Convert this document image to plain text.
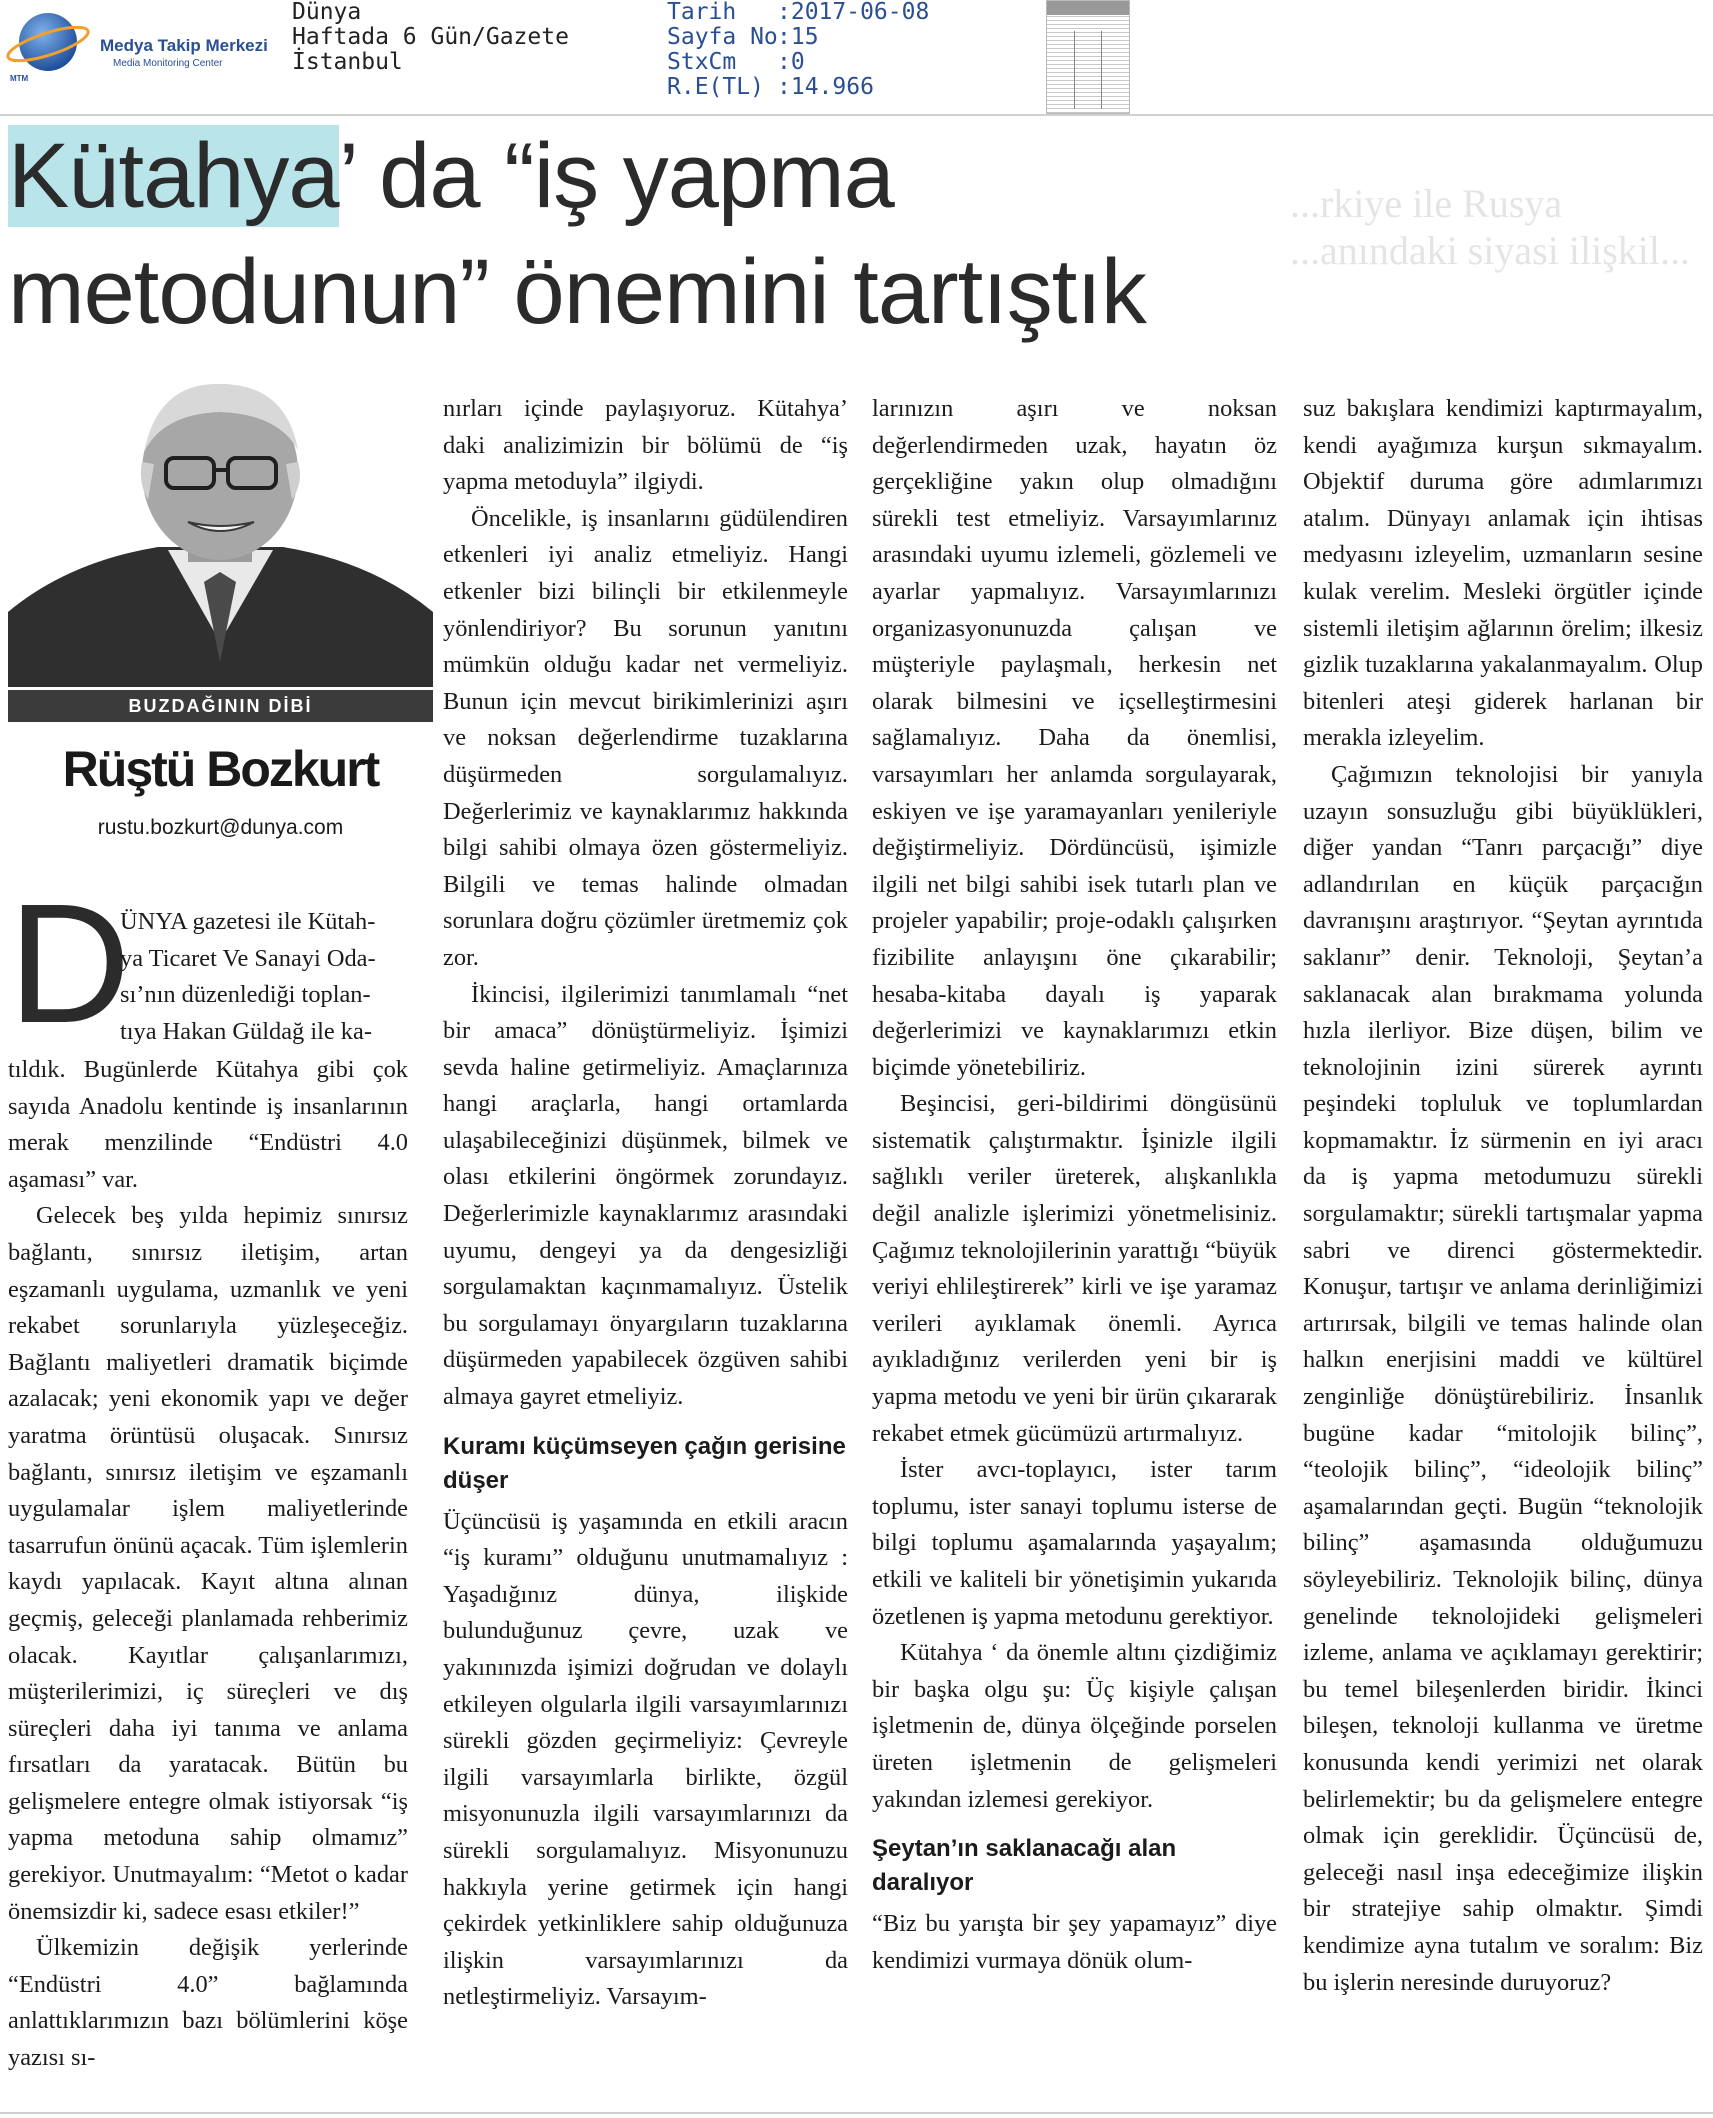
Medya Takip Merkezi
Media Monitoring Center
MTM
Dünya
Haftada 6 Gün/Gazete
İstanbul
Tarih :2017-06-08
Sayfa No:15
StxCm :0
R.E(TL) :14.966
...rkiye ile Rusya
...anındaki siyasi ilişkil...
Kütahya’ da “iş yapma
metodunun” önemini tartıştık
BUZDAĞININ DİBİ
Rüştü Bozkurt
rustu.bozkurt@dunya.com
D

ÜNYA gazetesi ile Kütah-

ya Ticaret Ve Sanayi Oda-

sı’nın düzenlediği toplan-

tıya Hakan Güldağ ile ka-

tıldık. Bugünlerde Kütahya gibi çok sayıda Anadolu kentinde iş insanlarının merak menzilinde “Endüstri 4.0 aşaması” var.

Gelecek beş yılda hepimiz sınırsız bağlantı, sınırsız iletişim, artan eşzamanlı uygulama, uzmanlık ve yeni rekabet sorunlarıyla yüzleşeceğiz. Bağlantı maliyetleri dramatik biçimde azalacak; yeni ekonomik yapı ve değer yaratma örüntüsü oluşacak. Sınırsız bağlantı, sınırsız iletişim ve eşzamanlı uygulamalar işlem maliyetlerinde tasarrufun önünü açacak. Tüm işlemlerin kaydı yapılacak. Kayıt altına alınan geçmiş, geleceği planlamada rehberimiz olacak. Kayıtlar çalışanlarımızı, müşterilerimizi, iç süreçleri ve dış süreçleri daha iyi tanıma ve anlama fırsatları da yaratacak. Bütün bu gelişmelere entegre olmak istiyorsak “iş yapma metoduna sahip olmamız” gerekiyor. Unutmayalım: “Metot o kadar önemsizdir ki, sadece esası etkiler!”

Ülkemizin değişik yerlerinde “Endüstri 4.0” bağlamında anlattıklarımızın bazı bölümlerini köşe yazısı sı-

nırları içinde paylaşıyoruz. Kütahya’ daki analizimizin bir bölümü de “iş yapma metoduyla” ilgiydi.

Öncelikle, iş insanlarını güdülendiren etkenleri iyi analiz etmeliyiz. Hangi etkenler bizi bilinçli bir etkilenmeyle yönlendiriyor? Bu sorunun yanıtını mümkün olduğu kadar net vermeliyiz. Bunun için mevcut birikimlerinizi aşırı ve noksan değerlendirme tuzaklarına düşürmeden sorgulamalıyız. Değerlerimiz ve kaynaklarımız hakkında bilgi sahibi olmaya özen göstermeliyiz. Bilgili ve temas halinde olmadan sorunlara doğru çözümler üretmemiz çok zor.

İkincisi, ilgilerimizi tanımlamalı “net bir amaca” dönüştürmeliyiz. İşimizi sevda haline getirmeliyiz. Amaçlarınıza hangi araçlarla, hangi ortamlarda ulaşabileceğinizi düşünmek, bilmek ve olası etkilerini öngörmek zorundayız. Değerlerimizle kaynaklarımız arasındaki uyumu, dengeyi ya da dengesizliği sorgulamaktan kaçınmamalıyız. Üstelik bu sorgulamayı önyargıların tuzaklarına düşürmeden yapabilecek özgüven sahibi almaya gayret etmeliyiz.

Kuramı küçümseyen çağın gerisine düşer

Üçüncüsü iş yaşamında en etkili aracın “iş kuramı” olduğunu unutmamalıyız : Yaşadığınız dünya, ilişkide bulunduğunuz çevre, uzak ve yakınınızda işimizi doğrudan ve dolaylı etkileyen olgularla ilgili varsayımlarınızı sürekli gözden geçirmeliyiz: Çevreyle ilgili varsayımlarla birlikte, özgül misyonunuzla ilgili varsayımlarınızı da sürekli sorgulamalıyız. Misyonunuzu hakkıyla yerine getirmek için hangi çekirdek yetkinliklere sahip olduğunuza ilişkin varsayımlarınızı da netleştirmeliyiz. Varsayım-

larınızın aşırı ve noksan değerlendirmeden uzak, hayatın öz gerçekliğine yakın olup olmadığını sürekli test etmeliyiz. Varsayımlarınız arasındaki uyumu izlemeli, gözlemeli ve ayarlar yapmalıyız. Varsayımlarınızı organizasyonunuzda çalışan ve müşteriyle paylaşmalı, herkesin net olarak bilmesini ve içselleştirmesini sağlamalıyız. Daha da önemlisi, varsayımları her anlamda sorgulayarak, eskiyen ve işe yaramayanları yenileriyle değiştirmeliyiz. Dördüncüsü, işimizle ilgili net bilgi sahibi isek tutarlı plan ve projeler yapabilir; proje-odaklı çalışırken fizibilite anlayışını öne çıkarabilir; hesaba-kitaba dayalı iş yaparak değerlerimizi ve kaynaklarımızı etkin biçimde yönetebiliriz.

Beşincisi, geri-bildirimi döngüsünü sistematik çalıştırmaktır. İşinizle ilgili sağlıklı veriler üreterek, alışkanlıkla değil analizle işlerimizi yönetmelisiniz. Çağımız teknolojilerinin yarattığı “büyük veriyi ehlileştirerek” kirli ve işe yaramaz verileri ayıklamak önemli. Ayrıca ayıkladığınız verilerden yeni bir iş yapma metodu ve yeni bir ürün çıkararak rekabet etmek gücümüzü artırmalıyız.

İster avcı-toplayıcı, ister tarım toplumu, ister sanayi toplumu isterse de bilgi toplumu aşamalarında yaşayalım; etkili ve kaliteli bir yönetişimin yukarıda özetlenen iş yapma metodunu gerektiyor.

Kütahya ‘ da önemle altını çizdiğimiz bir başka olgu şu: Üç kişiyle çalışan işletmenin de, dünya ölçeğinde porselen üreten işletmenin de gelişmeleri yakından izlemesi gerekiyor.

Şeytan’ın saklanacağı alan daralıyor

“Biz bu yarışta bir şey yapamayız” diye kendimizi vurmaya dönük olum-

suz bakışlara kendimizi kaptırmayalım, kendi ayağımıza kurşun sıkmayalım. Objektif duruma göre adımlarımızı atalım. Dünyayı anlamak için ihtisas medyasını izleyelim, uzmanların sesine kulak verelim. Mesleki örgütler içinde sistemli iletişim ağlarının örelim; ilkesiz gizlik tuzaklarına yakalanmayalım. Olup bitenleri ateşi giderek harlanan bir merakla izleyelim.

Çağımızın teknolojisi bir yanıyla uzayın sonsuzluğu gibi büyüklükleri, diğer yandan “Tanrı parçacığı” diye adlandırılan en küçük parçacığın davranışını araştırıyor. “Şeytan ayrıntıda saklanır” denir. Teknoloji, Şeytan’a saklanacak alan bırakmama yolunda hızla ilerliyor. Bize düşen, bilim ve teknolojinin izini sürerek ayrıntı peşindeki topluluk ve toplumlardan kopmamaktır. İz sürmenin en iyi aracı da iş yapma metodumuzu sürekli sorgulamaktır; sürekli tartışmalar yapma sabri ve direnci göstermektedir. Konuşur, tartışır ve anlama derinliğimizi artırırsak, bilgili ve temas halinde olan halkın enerjisini maddi ve kültürel zenginliğe dönüştürebiliriz. İnsanlık bugüne kadar “mitolojik bilinç”, “teolojik bilinç”, “ideolojik bilinç” aşamalarından geçti. Bugün “teknolojik bilinç” aşamasında olduğumuzu söyleyebiliriz. Teknolojik bilinç, dünya genelinde teknolojideki gelişmeleri izleme, anlama ve açıklamayı gerektirir; bu temel bileşenlerden biridir. İkinci bileşen, teknoloji kullanma ve üretme konusunda kendi yerimizi net olarak belirlemektir; bu da gelişmelere entegre olmak için gereklidir. Üçüncüsü de, geleceği nasıl inşa edeceğimize ilişkin bir stratejiye sahip olmaktır. Şimdi kendimize ayna tutalım ve soralım: Biz bu işlerin neresinde duruyoruz?
